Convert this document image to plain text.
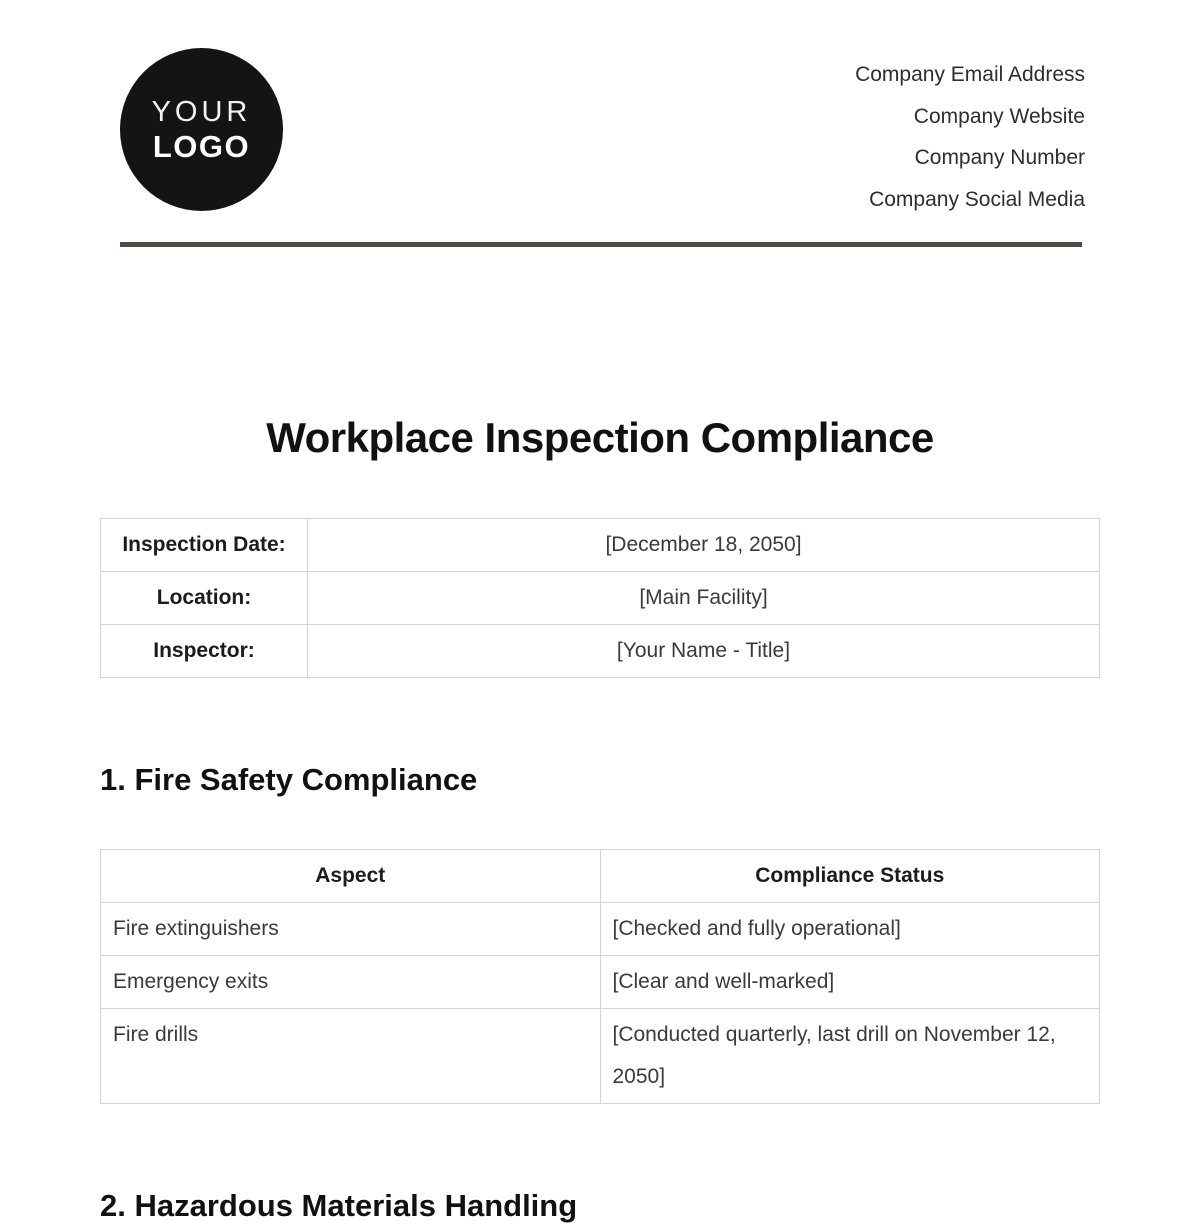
YOUR
LOGO
Company Email Address
Company Website
Company Number
Company Social Media
Workplace Inspection Compliance
Inspection Date:	[December 18, 2050]
Location:	[Main Facility]
Inspector:	[Your Name - Title]
1. Fire Safety Compliance
Aspect	Compliance Status
Fire extinguishers	[Checked and fully operational]
Emergency exits	[Clear and well-marked]
Fire drills	[Conducted quarterly, last drill on November 12, 2050]
2. Hazardous Materials Handling
